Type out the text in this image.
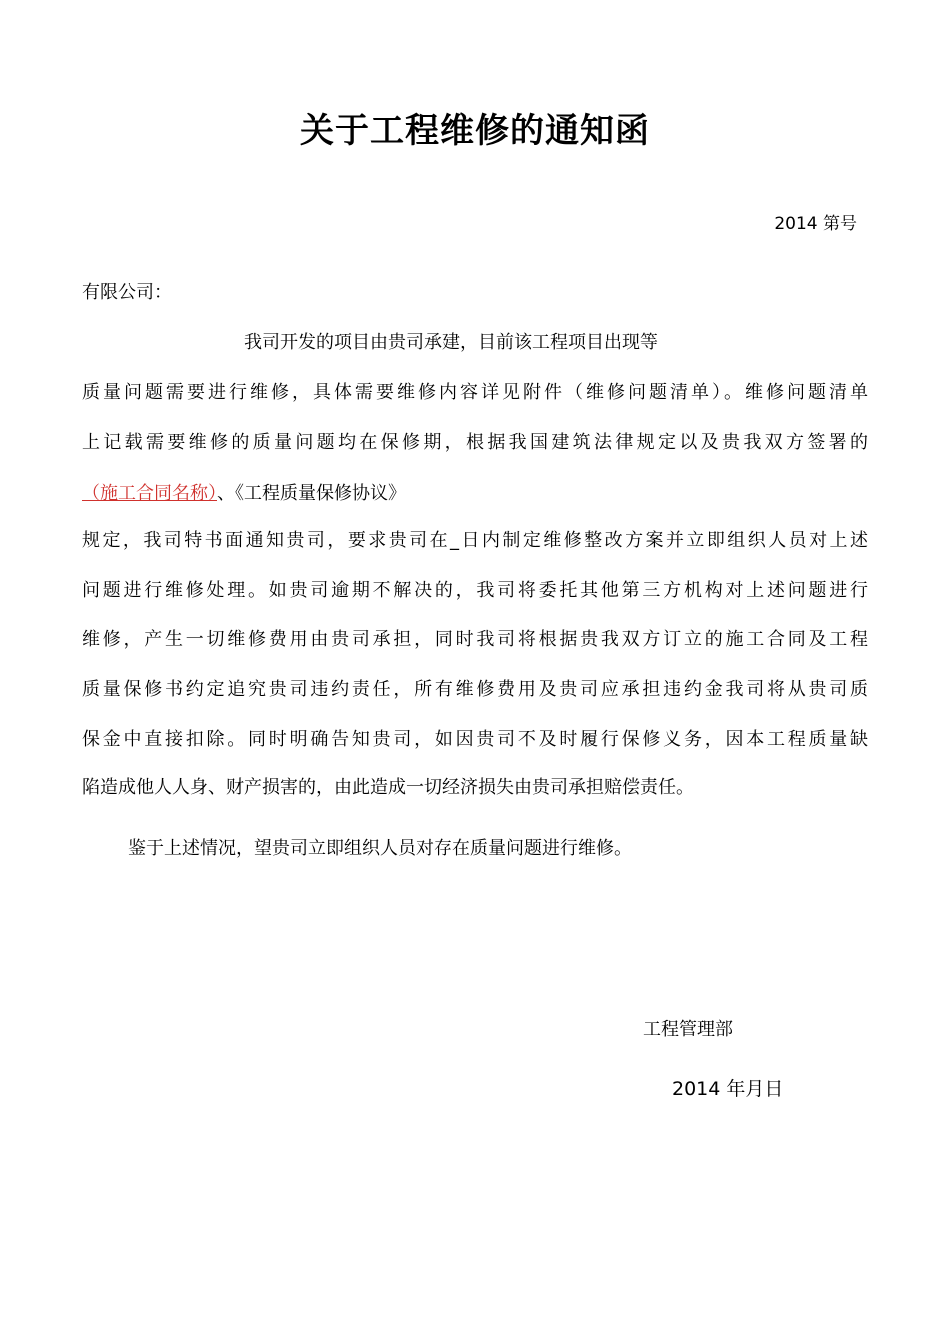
关于工程维修的通知函
2014 第号
有限公司：
我司开发的项目由贵司承建，目前该工程项目出现等
质量问题需要进行维修，具体需要维修内容详见附件（维修问题清单）。维修问题清单
上记载需要维修的质量问题均在保修期，根据我国建筑法律规定以及贵我双方签署的
（施工合同名称）、《工程质量保修协议》
规定，我司特书面通知贵司，要求贵司在_日内制定维修整改方案并立即组织人员对上述
问题进行维修处理。如贵司逾期不解决的，我司将委托其他第三方机构对上述问题进行
维修，产生一切维修费用由贵司承担，同时我司将根据贵我双方订立的施工合同及工程
质量保修书约定追究贵司违约责任，所有维修费用及贵司应承担违约金我司将从贵司质
保金中直接扣除。同时明确告知贵司，如因贵司不及时履行保修义务，因本工程质量缺
陷造成他人人身、财产损害的，由此造成一切经济损失由贵司承担赔偿责任。
鉴于上述情况，望贵司立即组织人员对存在质量问题进行维修。
工程管理部
2014 年月日
